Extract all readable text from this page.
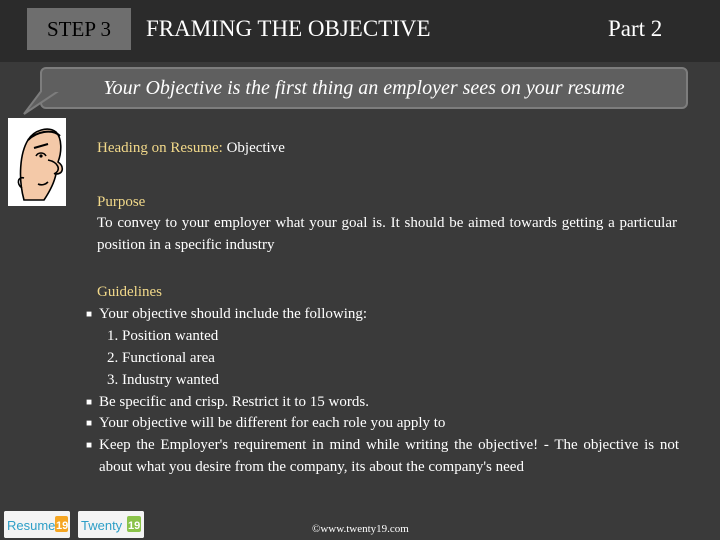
STEP 3 FRAMING THE OBJECTIVE	Part 2
Your Objective is the first thing an employer sees on your resume
Heading on Resume: Objective
Purpose
To convey to your employer what your goal is. It should be aimed towards getting a particular position in a specific industry
Guidelines
■ Your objective should include the following:
1. Position wanted
2. Functional area
3. Industry wanted
■ Be specific and crisp. Restrict it to 15 words.
■ Your objective will be different for each role you apply to
■ Keep the Employer's requirement in mind while writing the objective! - The objective is not about what you desire from the company, its about the company's need
Resume 19 Twenty 19	©www.twenty19.com
